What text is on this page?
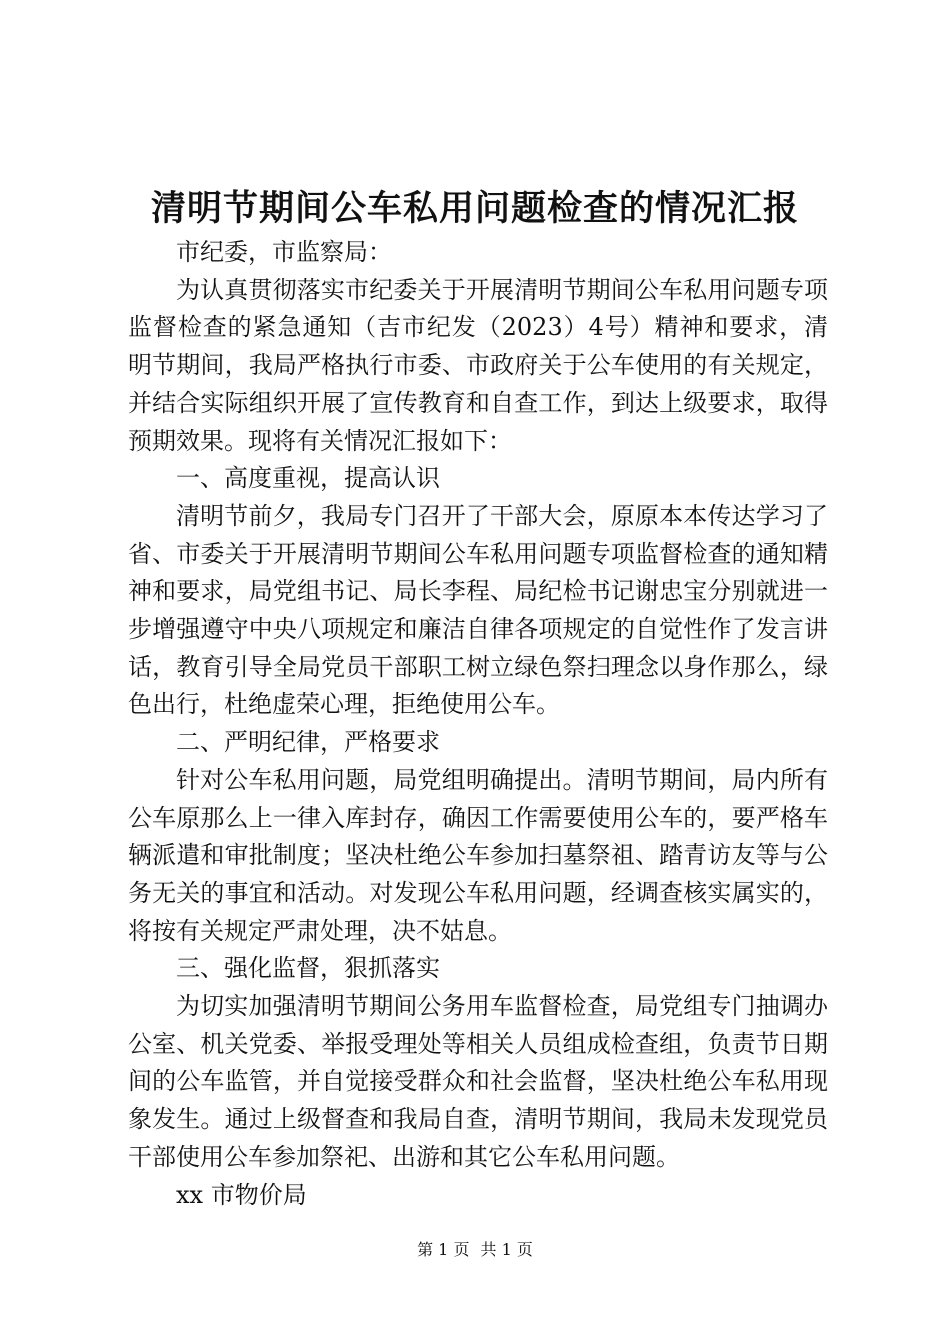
清明节期间公车私用问题检查的情况汇报

市纪委，市监察局：

为认真贯彻落实市纪委关于开展清明节期间公车私用问题专项监督检查的紧急通知（吉市纪发（2023）4号）精神和要求，清明节期间，我局严格执行市委、市政府关于公车使用的有关规定，并结合实际组织开展了宣传教育和自查工作，到达上级要求，取得预期效果。现将有关情况汇报如下：

一、高度重视，提高认识

清明节前夕，我局专门召开了干部大会，原原本本传达学习了省、市委关于开展清明节期间公车私用问题专项监督检查的通知精神和要求，局党组书记、局长李程、局纪检书记谢忠宝分别就进一步增强遵守中央八项规定和廉洁自律各项规定的自觉性作了发言讲话，教育引导全局党员干部职工树立绿色祭扫理念以身作那么，绿色出行，杜绝虚荣心理，拒绝使用公车。

二、严明纪律，严格要求

针对公车私用问题，局党组明确提出。清明节期间，局内所有公车原那么上一律入库封存，确因工作需要使用公车的，要严格车辆派遣和审批制度；坚决杜绝公车参加扫墓祭祖、踏青访友等与公务无关的事宜和活动。对发现公车私用问题，经调查核实属实的，将按有关规定严肃处理，决不姑息。

三、强化监督，狠抓落实

为切实加强清明节期间公务用车监督检查，局党组专门抽调办公室、机关党委、举报受理处等相关人员组成检查组，负责节日期间的公车监管，并自觉接受群众和社会监督，坚决杜绝公车私用现象发生。通过上级督查和我局自查，清明节期间，我局未发现党员干部使用公车参加祭祀、出游和其它公车私用问题。

xx 市物价局

第 1 页 共 1 页
